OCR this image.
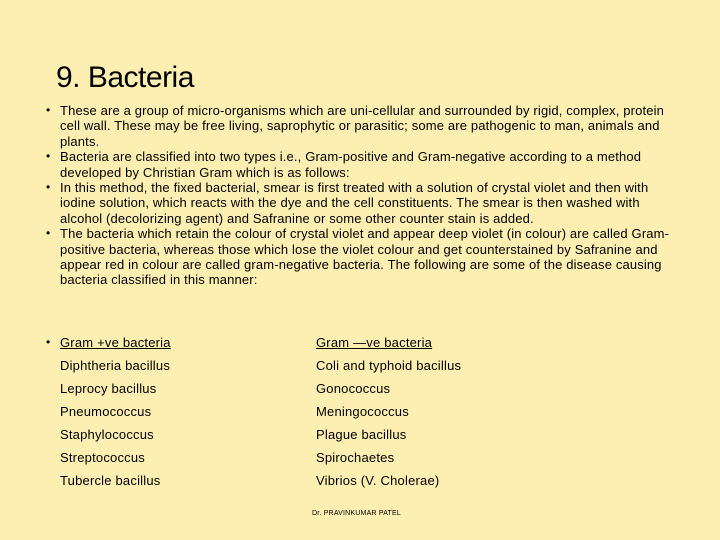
9. Bacteria
• These are a group of micro-organisms which are uni-cellular and surrounded by rigid, complex, protein cell wall. These may be free living, saprophytic or parasitic; some are pathogenic to man, animals and plants.
• Bacteria are classified into two types i.e., Gram-positive and Gram-negative according to a method developed by Christian Gram which is as follows:
• In this method, the fixed bacterial, smear is first treated with a solution of crystal violet and then with iodine solution, which reacts with the dye and the cell constituents. The smear is then washed with alcohol (decolorizing agent) and Safranine or some other counter stain is added.
• The bacteria which retain the colour of crystal violet and appear deep violet (in colour) are called Gram-positive bacteria, whereas those which lose the violet colour and get counterstained by Safranine and appear red in colour are called gram-negative bacteria. The following are some of the disease causing bacteria classified in this manner:
• Gram +ve bacteria	Gram —ve bacteria
Diphtheria bacillus	Coli and typhoid bacillus
Leprocy bacillus	Gonococcus
Pneumococcus	Meningococcus
Staphylococcus	Plague bacillus
Streptococcus	Spirochaetes
Tubercle bacillus	Vibrios (V. Cholerae)
Dr. PRAVINKUMAR PATEL
